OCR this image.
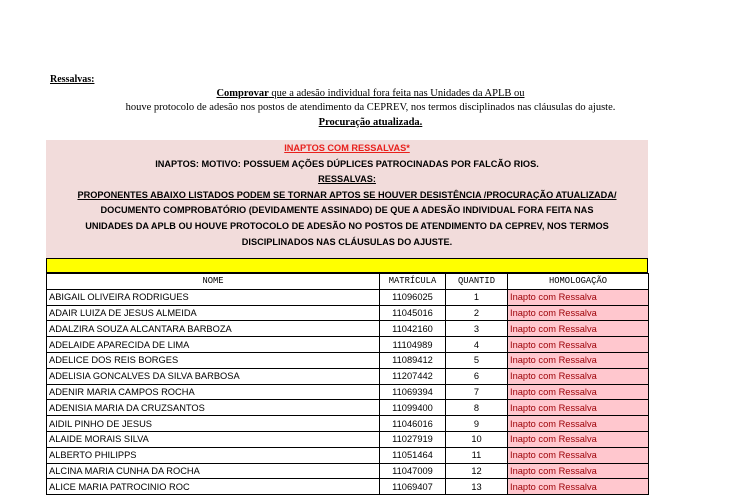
Ressalvas:
Comprovar que a adesão individual fora feita nas Unidades da APLB ou
houve protocolo de adesão nos postos de atendimento da CEPREV, nos termos disciplinados nas cláusulas do ajuste.
Procuração atualizada.
INAPTOS COM RESSALVAS*
INAPTOS: MOTIVO: POSSUEM AÇÕES DÚPLICES PATROCINADAS POR FALCÃO RIOS.
RESSALVAS:
PROPONENTES ABAIXO LISTADOS PODEM SE TORNAR APTOS SE HOUVER DESISTÊNCIA /PROCURAÇÃO ATUALIZADA/
DOCUMENTO COMPROBATÓRIO (DEVIDAMENTE ASSINADO) DE QUE A ADESÃO INDIVIDUAL FORA FEITA NAS
UNIDADES DA APLB OU HOUVE PROTOCOLO DE ADESÃO NO POSTOS DE ATENDIMENTO DA CEPREV, NOS TERMOS
DISCIPLINADOS NAS CLÁUSULAS DO AJUSTE.
NOME	MATRÍCULA	QUANTID	HOMOLOGAÇÃO
ABIGAIL OLIVEIRA RODRIGUES	11096025	1	Inapto com Ressalva
ADAIR LUIZA DE JESUS ALMEIDA	11045016	2	Inapto com Ressalva
ADALZIRA SOUZA ALCANTARA BARBOZA	11042160	3	Inapto com Ressalva
ADELAIDE APARECIDA DE LIMA	11104989	4	Inapto com Ressalva
ADELICE DOS REIS BORGES	11089412	5	Inapto com Ressalva
ADELISIA GONCALVES DA SILVA BARBOSA	11207442	6	Inapto com Ressalva
ADENIR MARIA CAMPOS ROCHA	11069394	7	Inapto com Ressalva
ADENISIA MARIA DA CRUZSANTOS	11099400	8	Inapto com Ressalva
AIDIL PINHO DE JESUS	11046016	9	Inapto com Ressalva
ALAIDE MORAIS SILVA	11027919	10	Inapto com Ressalva
ALBERTO PHILIPPS	11051464	11	Inapto com Ressalva
ALCINA MARIA CUNHA DA ROCHA	11047009	12	Inapto com Ressalva
ALICE MARIA PATROCINIO ROC	11069407	13	Inapto com Ressalva
